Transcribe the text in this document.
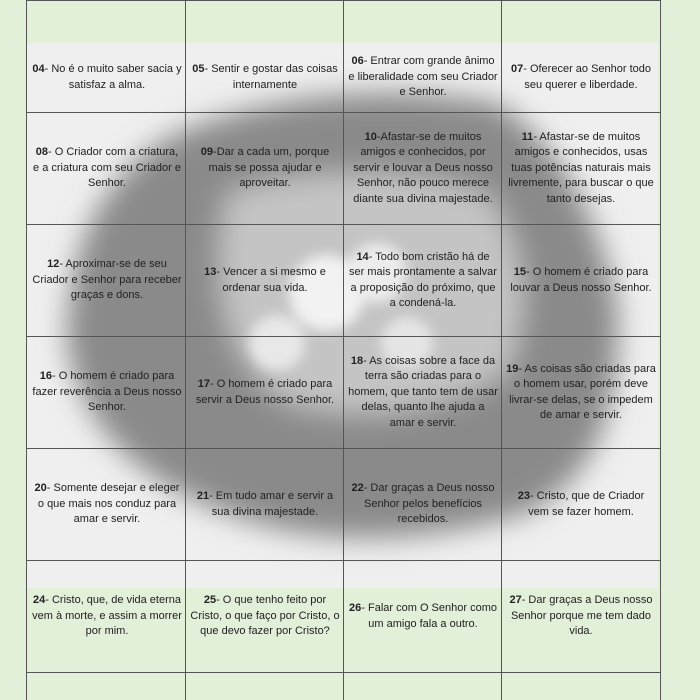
04- No é o muito saber sacia y satisfaz a alma.
05- Sentir e gostar das coisas internamente
06- Entrar com grande ânimo e liberalidade com seu Criador e Senhor.
07- Oferecer ao Senhor todo seu querer e liberdade.
08- O Criador com a criatura, e a criatura com seu Criador e Senhor.
09-Dar a cada um, porque mais se possa ajudar e aproveitar.
10-Afastar-se de muitos amigos e conhecidos, por servir e louvar a Deus nosso Senhor, não pouco merece diante sua divina majestade.
11- Afastar-se de muitos amigos e conhecidos, usas tuas potências naturais mais livremente, para buscar o que tanto desejas.
12- Aproximar-se de seu Criador e Senhor para receber graças e dons.
13- Vencer a si mesmo e ordenar sua vida.
14- Todo bom cristão há de ser mais prontamente a salvar a proposição do próximo, que a condená-la.
15- O homem é criado para louvar a Deus nosso Senhor.
16- O homem é criado para fazer reverência a Deus nosso Senhor.
17- O homem é criado para servir a Deus nosso Senhor.
18- As coisas sobre a face da terra são criadas para o homem, que tanto tem de usar delas, quanto lhe ajuda a amar e servir.
19- As coisas são criadas para o homem usar, porém deve livrar-se delas, se o impedem de amar e servir.
20- Somente desejar e eleger o que mais nos conduz para amar e servir.
21- Em tudo amar e servir a sua divina majestade.
22- Dar graças a Deus nosso Senhor pelos benefícios recebidos.
23- Cristo, que de Criador vem se fazer homem.
24- Cristo, que, de vida eterna vem à morte, e assim a morrer por mim.
25- O que tenho feito por Cristo, o que faço por Cristo, o que devo fazer por Cristo?
26- Falar com O Senhor como um amigo fala a outro.
27- Dar graças a Deus nosso Senhor porque me tem dado vida.
